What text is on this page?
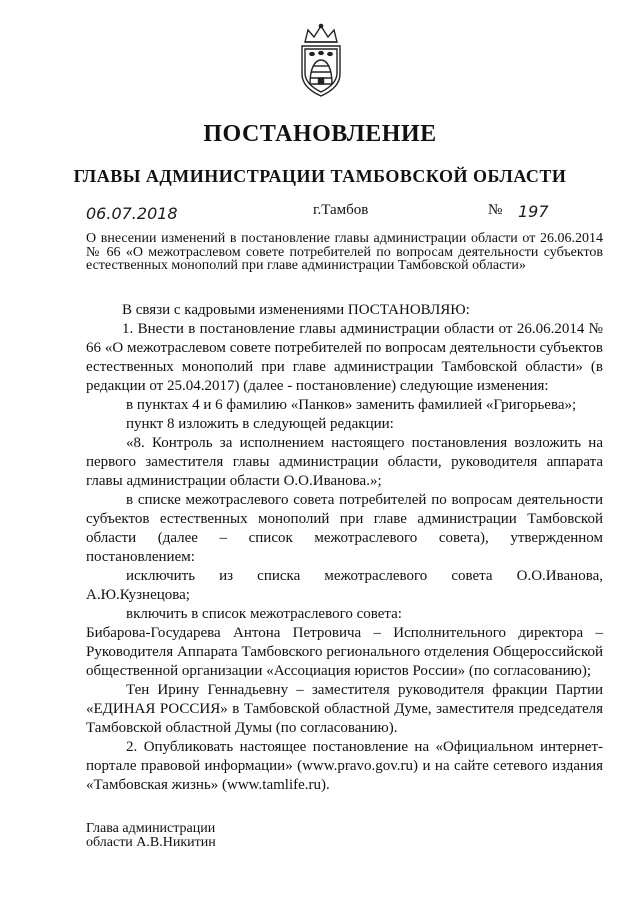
ПОСТАНОВЛЕНИЕ
ГЛАВЫ АДМИНИСТРАЦИИ ТАМБОВСКОЙ ОБЛАСТИ
06.07.2018	г.Тамбов	№ 197
О внесении изменений в постановление главы администрации области от 26.06.2014 № 66 «О межотраслевом совете потребителей по вопросам деятельности субъектов естественных монополий при главе администрации Тамбовской области»

В связи с кадровыми изменениями ПОСТАНОВЛЯЮ:

1. Внести в постановление главы администрации области от 26.06.2014 № 66 «О межотраслевом совете потребителей по вопросам деятельности субъектов естественных монополий при главе администрации Тамбовской области» (в редакции от 25.04.2017) (далее - постановление) следующие изменения:

в пунктах 4 и 6 фамилию «Панков» заменить фамилией «Григорьева»;

пункт 8 изложить в следующей редакции:

«8. Контроль за исполнением настоящего постановления возложить на первого заместителя главы администрации области, руководителя аппарата главы администрации области О.О.Иванова.»;

в списке межотраслевого совета потребителей по вопросам деятельности субъектов естественных монополий при главе администрации Тамбовской области (далее – список межотраслевого совета), утвержденном постановлением:

исключить из списка межотраслевого совета О.О.Иванова, А.Ю.Кузнецова;

включить в список межотраслевого совета:

Бибарова-Государева Антона Петровича – Исполнительного директора – Руководителя Аппарата Тамбовского регионального отделения Общероссийской общественной организации «Ассоциация юристов России» (по согласованию);

Тен Ирину Геннадьевну – заместителя руководителя фракции Партии «ЕДИНАЯ РОССИЯ» в Тамбовской областной Думе, заместителя председателя Тамбовской областной Думы (по согласованию).

2. Опубликовать настоящее постановление на «Официальном интернет-портале правовой информации» (www.pravo.gov.ru) и на сайте сетевого издания «Тамбовская жизнь» (www.tamlife.ru).

Глава администрации
области А.В.Никитин
